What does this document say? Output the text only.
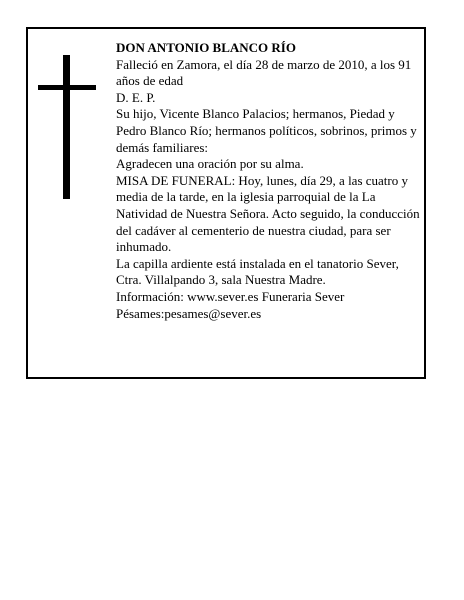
DON ANTONIO BLANCO RÍO

Falleció en Zamora, el día 28 de marzo de 2010, a los 91 años de edad

D. E. P.

Su hijo, Vicente Blanco Palacios; hermanos, Piedad y Pedro Blanco Río; hermanos políticos, sobrinos, primos y demás familiares:

Agradecen una oración por su alma.

MISA DE FUNERAL: Hoy, lunes, día 29, a las cuatro y media de la tarde, en la iglesia parroquial de la La Natividad de Nuestra Señora. Acto seguido, la conducción del cadáver al cementerio de nuestra ciudad, para ser inhumado.

La capilla ardiente está instalada en el tanatorio Sever, Ctra. Villalpando 3, sala Nuestra Madre.

Información: www.sever.es Funeraria Sever

Pésames:pesames@sever.es
